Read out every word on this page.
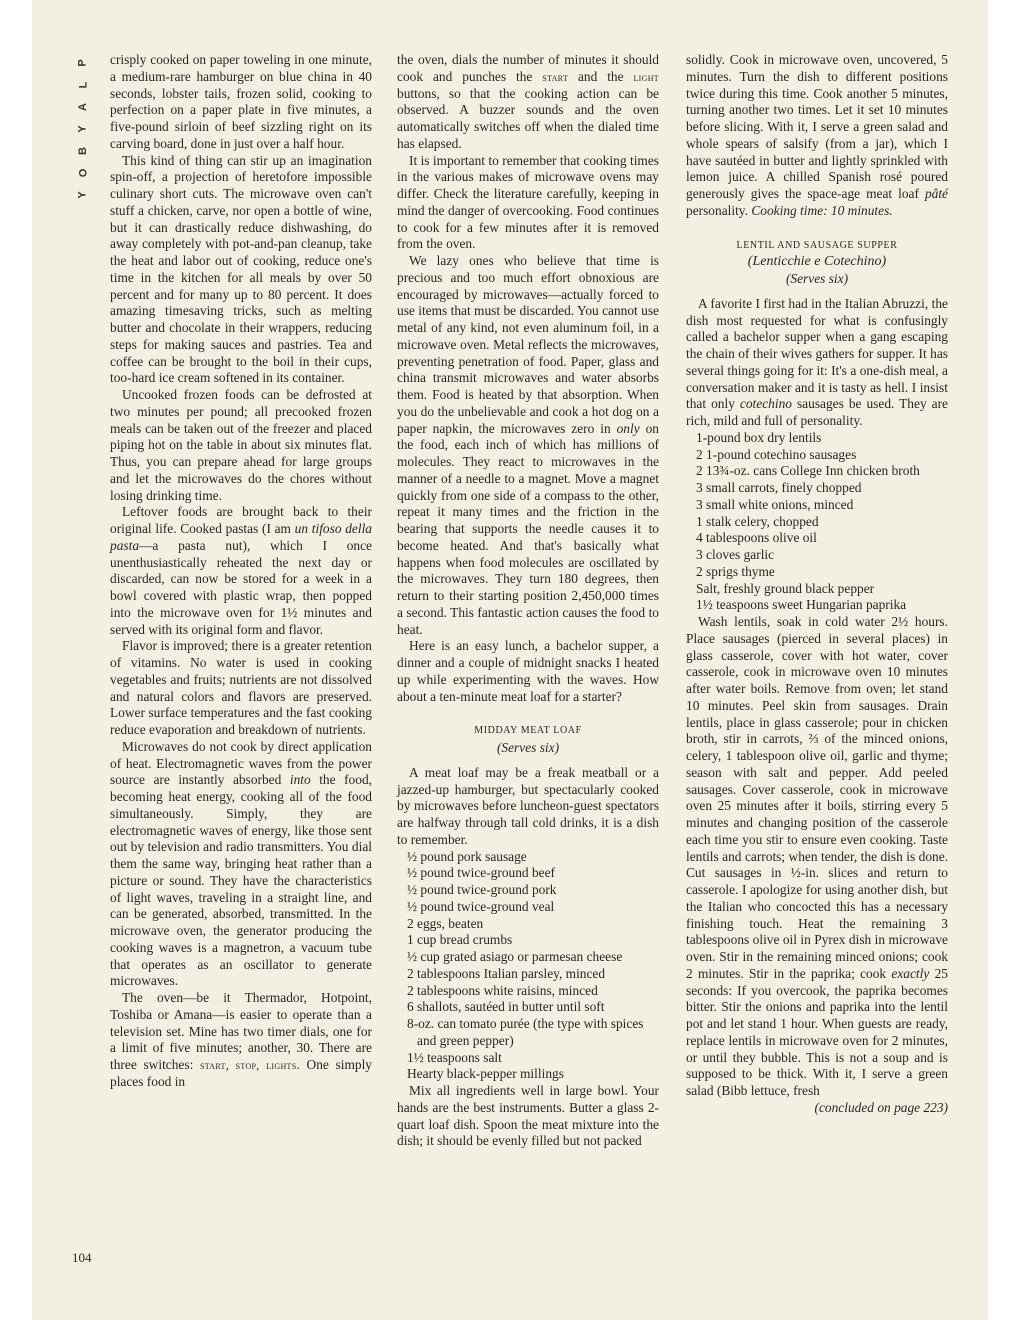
P
L
A
Y
B
O
Y
104

crisply cooked on paper toweling in one minute, a medium-rare hamburger on blue china in 40 seconds, lobster tails, frozen solid, cooking to perfection on a paper plate in five minutes, a five-pound sirloin of beef sizzling right on its carving board, done in just over a half hour.

This kind of thing can stir up an imagination spin-off, a projection of heretofore impossible culinary short cuts. The microwave oven can't stuff a chicken, carve, nor open a bottle of wine, but it can drastically reduce dishwashing, do away completely with pot-and-pan cleanup, take the heat and labor out of cooking, reduce one's time in the kitchen for all meals by over 50 percent and for many up to 80 percent. It does amazing timesaving tricks, such as melting butter and chocolate in their wrappers, reducing steps for making sauces and pastries. Tea and coffee can be brought to the boil in their cups, too-hard ice cream softened in its container.

Uncooked frozen foods can be defrosted at two minutes per pound; all precooked frozen meals can be taken out of the freezer and placed piping hot on the table in about six minutes flat. Thus, you can prepare ahead for large groups and let the microwaves do the chores without losing drinking time.

Leftover foods are brought back to their original life. Cooked pastas (I am un tifoso della pasta—a pasta nut), which I once unenthusiastically reheated the next day or discarded, can now be stored for a week in a bowl covered with plastic wrap, then popped into the microwave oven for 1½ minutes and served with its original form and flavor.

Flavor is improved; there is a greater retention of vitamins. No water is used in cooking vegetables and fruits; nutrients are not dissolved and natural colors and flavors are preserved. Lower surface temperatures and the fast cooking reduce evaporation and breakdown of nutrients.

Microwaves do not cook by direct application of heat. Electromagnetic waves from the power source are instantly absorbed into the food, becoming heat energy, cooking all of the food simultaneously. Simply, they are electromagnetic waves of energy, like those sent out by television and radio transmitters. You dial them the same way, bringing heat rather than a picture or sound. They have the characteristics of light waves, traveling in a straight line, and can be generated, absorbed, transmitted. In the microwave oven, the generator producing the cooking waves is a magnetron, a vacuum tube that operates as an oscillator to generate microwaves.

The oven—be it Thermador, Hotpoint, Toshiba or Amana—is easier to operate than a television set. Mine has two timer dials, one for a limit of five minutes; another, 30. There are three switches: start, stop, lights. One simply places food in

the oven, dials the number of minutes it should cook and punches the start and the light buttons, so that the cooking action can be observed. A buzzer sounds and the oven automatically switches off when the dialed time has elapsed.

It is important to remember that cooking times in the various makes of microwave ovens may differ. Check the literature carefully, keeping in mind the danger of overcooking. Food continues to cook for a few minutes after it is removed from the oven.

We lazy ones who believe that time is precious and too much effort obnoxious are encouraged by microwaves—actually forced to use items that must be discarded. You cannot use metal of any kind, not even aluminum foil, in a microwave oven. Metal reflects the microwaves, preventing penetration of food. Paper, glass and china transmit microwaves and water absorbs them. Food is heated by that absorption. When you do the unbelievable and cook a hot dog on a paper napkin, the microwaves zero in only on the food, each inch of which has millions of molecules. They react to microwaves in the manner of a needle to a magnet. Move a magnet quickly from one side of a compass to the other, repeat it many times and the friction in the bearing that supports the needle causes it to become heated. And that's basically what happens when food molecules are oscillated by the microwaves. They turn 180 degrees, then return to their starting position 2,450,000 times a second. This fantastic action causes the food to heat.

Here is an easy lunch, a bachelor supper, a dinner and a couple of midnight snacks I heated up while experimenting with the waves. How about a ten-minute meat loaf for a starter?

MIDDAY MEAT LOAF

(Serves six)

A meat loaf may be a freak meatball or a jazzed-up hamburger, but spectacularly cooked by microwaves before luncheon-guest spectators are halfway through tall cold drinks, it is a dish to remember.

½ pound pork sausage

½ pound twice-ground beef

½ pound twice-ground pork

½ pound twice-ground veal

2 eggs, beaten

1 cup bread crumbs

½ cup grated asiago or parmesan cheese

2 tablespoons Italian parsley, minced

2 tablespoons white raisins, minced

6 shallots, sautéed in butter until soft

8-oz. can tomato purée (the type with spices and green pepper)

1½ teaspoons salt

Hearty black-pepper millings

Mix all ingredients well in large bowl. Your hands are the best instruments. Butter a glass 2-quart loaf dish. Spoon the meat mixture into the dish; it should be evenly filled but not packed

solidly. Cook in microwave oven, uncovered, 5 minutes. Turn the dish to different positions twice during this time. Cook another 5 minutes, turning another two times. Let it set 10 minutes before slicing. With it, I serve a green salad and whole spears of salsify (from a jar), which I have sautéed in butter and lightly sprinkled with lemon juice. A chilled Spanish rosé poured generously gives the space-age meat loaf pâté personality. Cooking time: 10 minutes.

LENTIL AND SAUSAGE SUPPER

(Lenticchie e Cotechino)

(Serves six)

A favorite I first had in the Italian Abruzzi, the dish most requested for what is confusingly called a bachelor supper when a gang escaping the chain of their wives gathers for supper. It has several things going for it: It's a one-dish meal, a conversation maker and it is tasty as hell. I insist that only cotechino sausages be used. They are rich, mild and full of personality.

1-pound box dry lentils

2 1-pound cotechino sausages

2 13¾-oz. cans College Inn chicken broth

3 small carrots, finely chopped

3 small white onions, minced

1 stalk celery, chopped

4 tablespoons olive oil

3 cloves garlic

2 sprigs thyme

Salt, freshly ground black pepper

1½ teaspoons sweet Hungarian paprika

Wash lentils, soak in cold water 2½ hours. Place sausages (pierced in several places) in glass casserole, cover with hot water, cover casserole, cook in microwave oven 10 minutes after water boils. Remove from oven; let stand 10 minutes. Peel skin from sausages. Drain lentils, place in glass casserole; pour in chicken broth, stir in carrots, ⅔ of the minced onions, celery, 1 tablespoon olive oil, garlic and thyme; season with salt and pepper. Add peeled sausages. Cover casserole, cook in microwave oven 25 minutes after it boils, stirring every 5 minutes and changing position of the casserole each time you stir to ensure even cooking. Taste lentils and carrots; when tender, the dish is done. Cut sausages in ½-in. slices and return to casserole. I apologize for using another dish, but the Italian who concocted this has a necessary finishing touch. Heat the remaining 3 tablespoons olive oil in Pyrex dish in microwave oven. Stir in the remaining minced onions; cook 2 minutes. Stir in the paprika; cook exactly 25 seconds: If you overcook, the paprika becomes bitter. Stir the onions and paprika into the lentil pot and let stand 1 hour. When guests are ready, replace lentils in microwave oven for 2 minutes, or until they bubble. This is not a soup and is supposed to be thick. With it, I serve a green salad (Bibb lettuce, fresh

(concluded on page 223)
